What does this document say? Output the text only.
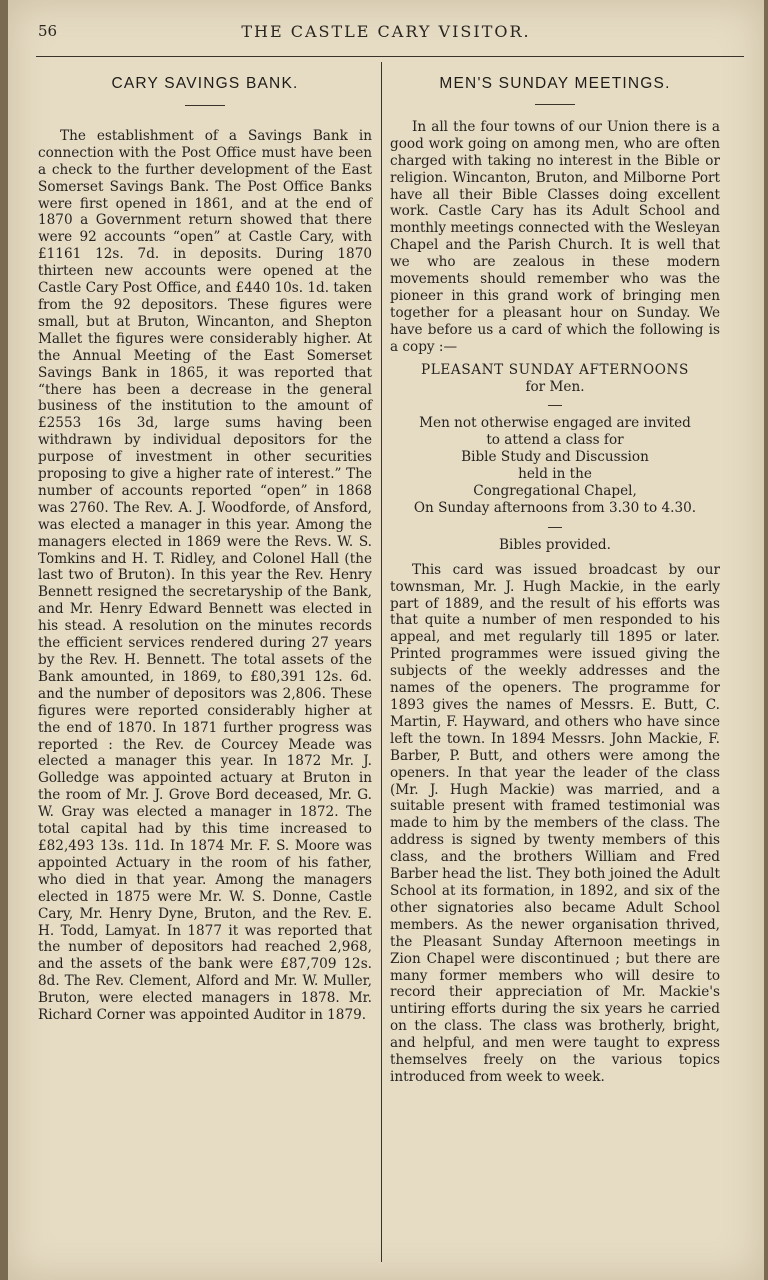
56	THE CASTLE CARY VISITOR.
CARY SAVINGS BANK.

The establishment of a Savings Bank in connection with the Post Office must have been a check to the further development of the East Somerset Savings Bank. The Post Office Banks were first opened in 1861, and at the end of 1870 a Government return showed that there were 92 accounts “open” at Castle Cary, with £1161 12s. 7d. in deposits. During 1870 thirteen new accounts were opened at the Castle Cary Post Office, and £440 10s. 1d. taken from the 92 depositors. These figures were small, but at Bruton, Wincanton, and Shepton Mallet the figures were considerably higher. At the Annual Meeting of the East Somerset Savings Bank in 1865, it was reported that “there has been a decrease in the general business of the institution to the amount of £2553 16s 3d, large sums having been withdrawn by individual depositors for the purpose of investment in other securities proposing to give a higher rate of interest.” The number of accounts reported “open” in 1868 was 2760. The Rev. A. J. Woodforde, of Ansford, was elected a manager in this year. Among the managers elected in 1869 were the Revs. W. S. Tomkins and H. T. Ridley, and Colonel Hall (the last two of Bruton). In this year the Rev. Henry Bennett resigned the secretaryship of the Bank, and Mr. Henry Edward Bennett was elected in his stead. A resolution on the minutes records the efficient services rendered during 27 years by the Rev. H. Bennett. The total assets of the Bank amounted, in 1869, to £80,391 12s. 6d. and the number of depositors was 2,806. These figures were reported considerably higher at the end of 1870. In 1871 further progress was reported : the Rev. de Courcey Meade was elected a manager this year. In 1872 Mr. J. Golledge was appointed actuary at Bruton in the room of Mr. J. Grove Bord deceased, Mr. G. W. Gray was elected a manager in 1872. The total capital had by this time increased to £82,493 13s. 11d. In 1874 Mr. F. S. Moore was appointed Actuary in the room of his father, who died in that year. Among the managers elected in 1875 were Mr. W. S. Donne, Castle Cary, Mr. Henry Dyne, Bruton, and the Rev. E. H. Todd, Lamyat. In 1877 it was reported that the number of depositors had reached 2,968, and the assets of the bank were £87,709 12s. 8d. The Rev. Clement, Alford and Mr. W. Muller, Bruton, were elected managers in 1878. Mr. Richard Corner was appointed Auditor in 1879.

MEN'S SUNDAY MEETINGS.

In all the four towns of our Union there is a good work going on among men, who are often charged with taking no interest in the Bible or religion. Wincanton, Bruton, and Milborne Port have all their Bible Classes doing excellent work. Castle Cary has its Adult School and monthly meetings connected with the Wesleyan Chapel and the Parish Church. It is well that we who are zealous in these modern movements should remember who was the pioneer in this grand work of bringing men together for a pleasant hour on Sunday. We have before us a card of which the following is a copy :—

PLEASANT SUNDAY AFTERNOONS
for Men.
Men not otherwise engaged are invited
to attend a class for
Bible Study and Discussion
held in the
Congregational Chapel,
On Sunday afternoons from 3.30 to 4.30.
Bibles provided.

This card was issued broadcast by our townsman, Mr. J. Hugh Mackie, in the early part of 1889, and the result of his efforts was that quite a number of men responded to his appeal, and met regularly till 1895 or later. Printed programmes were issued giving the subjects of the weekly addresses and the names of the openers. The programme for 1893 gives the names of Messrs. E. Butt, C. Martin, F. Hayward, and others who have since left the town. In 1894 Messrs. John Mackie, F. Barber, P. Butt, and others were among the openers. In that year the leader of the class (Mr. J. Hugh Mackie) was married, and a suitable present with framed testimonial was made to him by the members of the class. The address is signed by twenty members of this class, and the brothers William and Fred Barber head the list. They both joined the Adult School at its formation, in 1892, and six of the other signatories also became Adult School members. As the newer organisation thrived, the Pleasant Sunday Afternoon meetings in Zion Chapel were discontinued ; but there are many former members who will desire to record their appreciation of Mr. Mackie's untiring efforts during the six years he carried on the class. The class was brotherly, bright, and helpful, and men were taught to express themselves freely on the various topics introduced from week to week.
